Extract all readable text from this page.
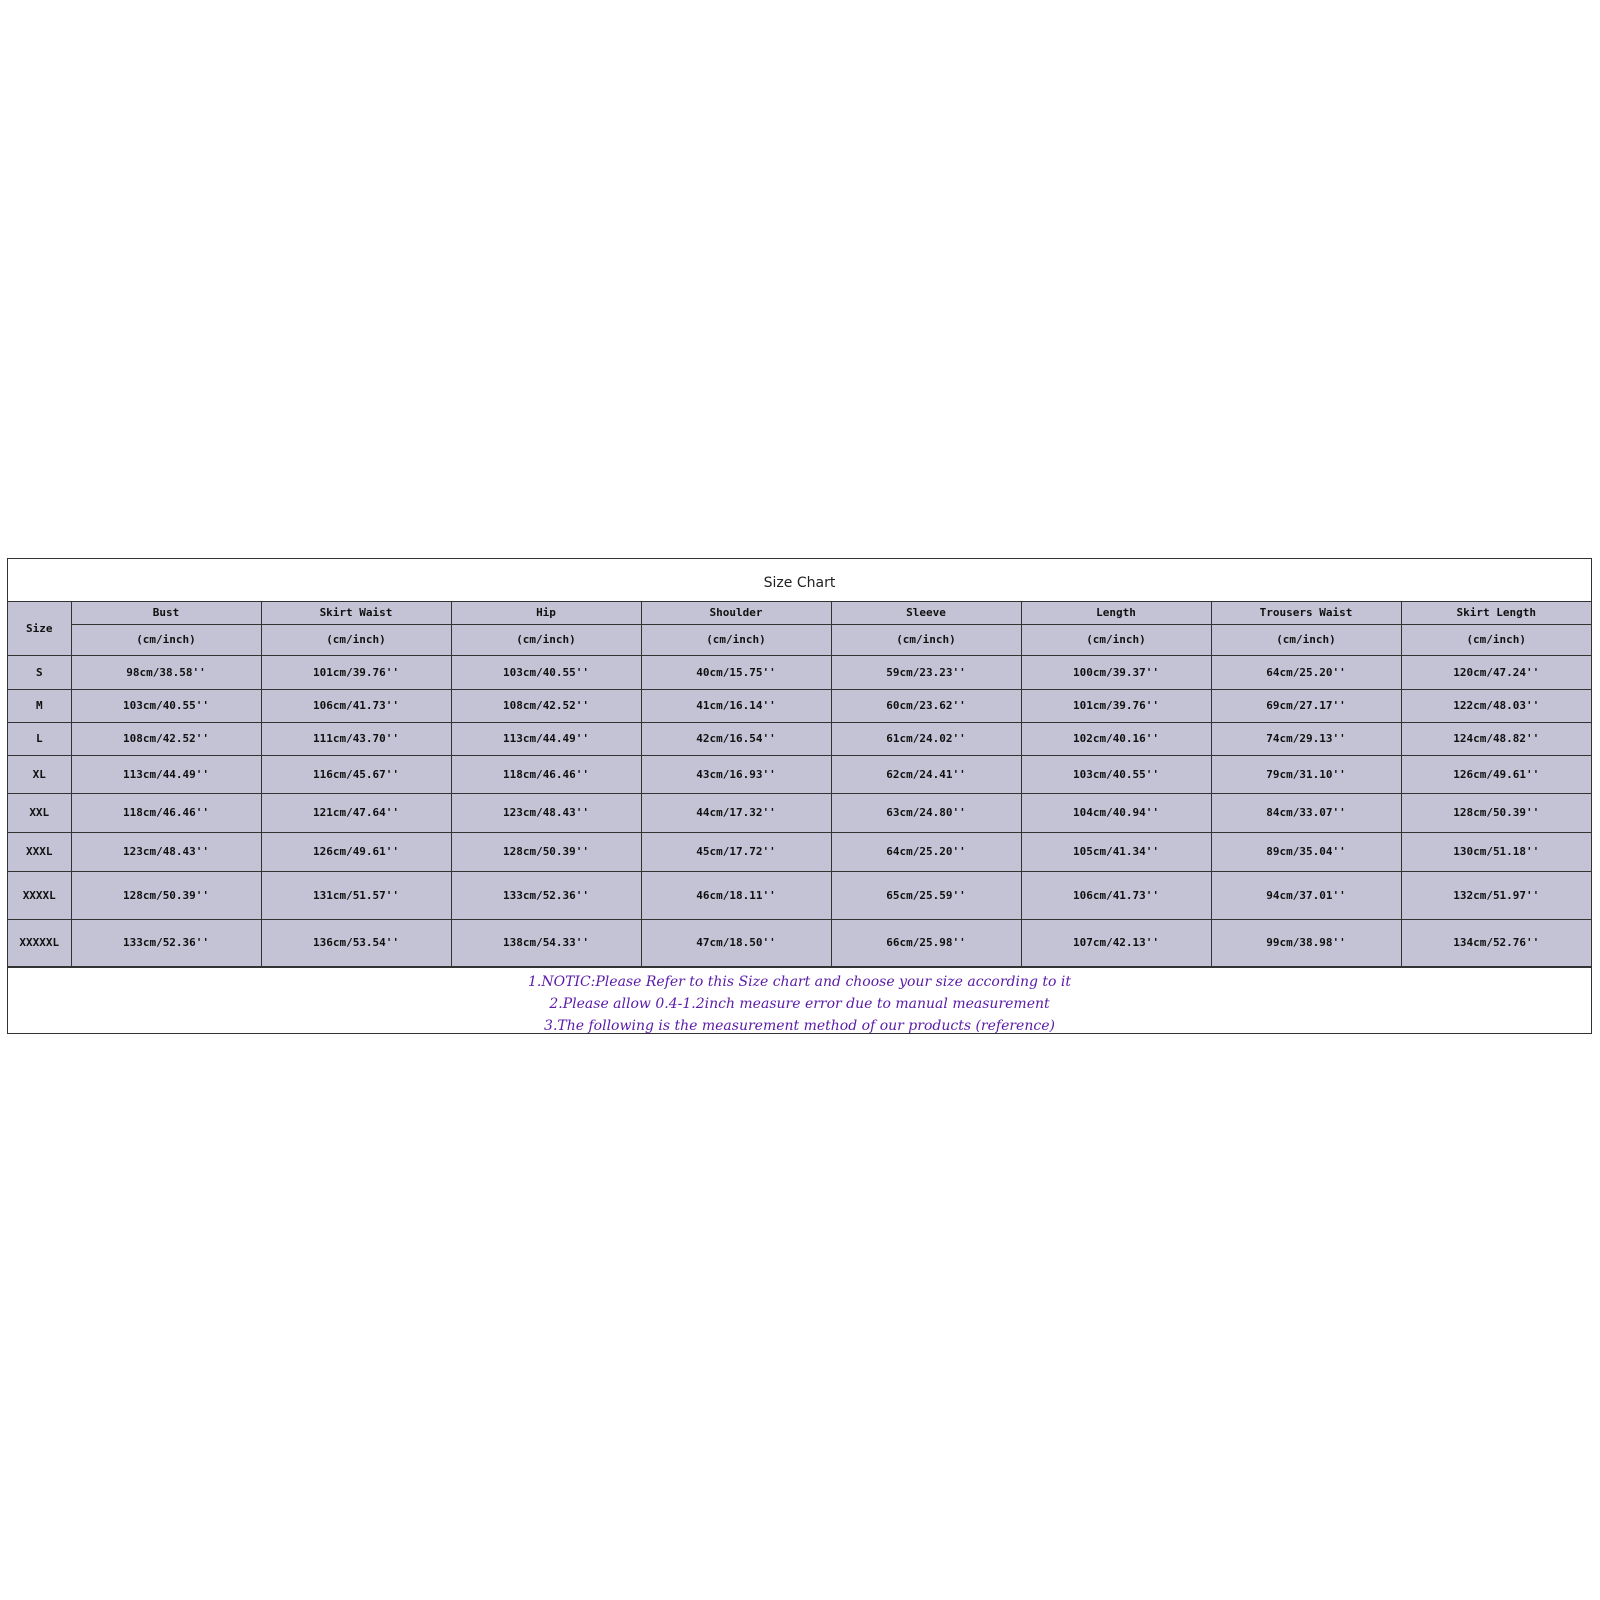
Size Chart
Size	Bust	Skirt Waist	Hip	Shoulder	Sleeve	Length	Trousers Waist	Skirt Length
	(cm/inch)	(cm/inch)	(cm/inch)	(cm/inch)	(cm/inch)	(cm/inch)	(cm/inch)	(cm/inch)
S	98cm/38.58''	101cm/39.76''	103cm/40.55''	40cm/15.75''	59cm/23.23''	100cm/39.37''	64cm/25.20''	120cm/47.24''
M	103cm/40.55''	106cm/41.73''	108cm/42.52''	41cm/16.14''	60cm/23.62''	101cm/39.76''	69cm/27.17''	122cm/48.03''
L	108cm/42.52''	111cm/43.70''	113cm/44.49''	42cm/16.54''	61cm/24.02''	102cm/40.16''	74cm/29.13''	124cm/48.82''
XL	113cm/44.49''	116cm/45.67''	118cm/46.46''	43cm/16.93''	62cm/24.41''	103cm/40.55''	79cm/31.10''	126cm/49.61''
XXL	118cm/46.46''	121cm/47.64''	123cm/48.43''	44cm/17.32''	63cm/24.80''	104cm/40.94''	84cm/33.07''	128cm/50.39''
XXXL	123cm/48.43''	126cm/49.61''	128cm/50.39''	45cm/17.72''	64cm/25.20''	105cm/41.34''	89cm/35.04''	130cm/51.18''
XXXXL	128cm/50.39''	131cm/51.57''	133cm/52.36''	46cm/18.11''	65cm/25.59''	106cm/41.73''	94cm/37.01''	132cm/51.97''
XXXXXL	133cm/52.36''	136cm/53.54''	138cm/54.33''	47cm/18.50''	66cm/25.98''	107cm/42.13''	99cm/38.98''	134cm/52.76''
1.NOTIC:Please Refer to this Size chart and choose your size according to it
2.Please allow 0.4-1.2inch measure error due to manual measurement
3.The following is the measurement method of our products (reference)
